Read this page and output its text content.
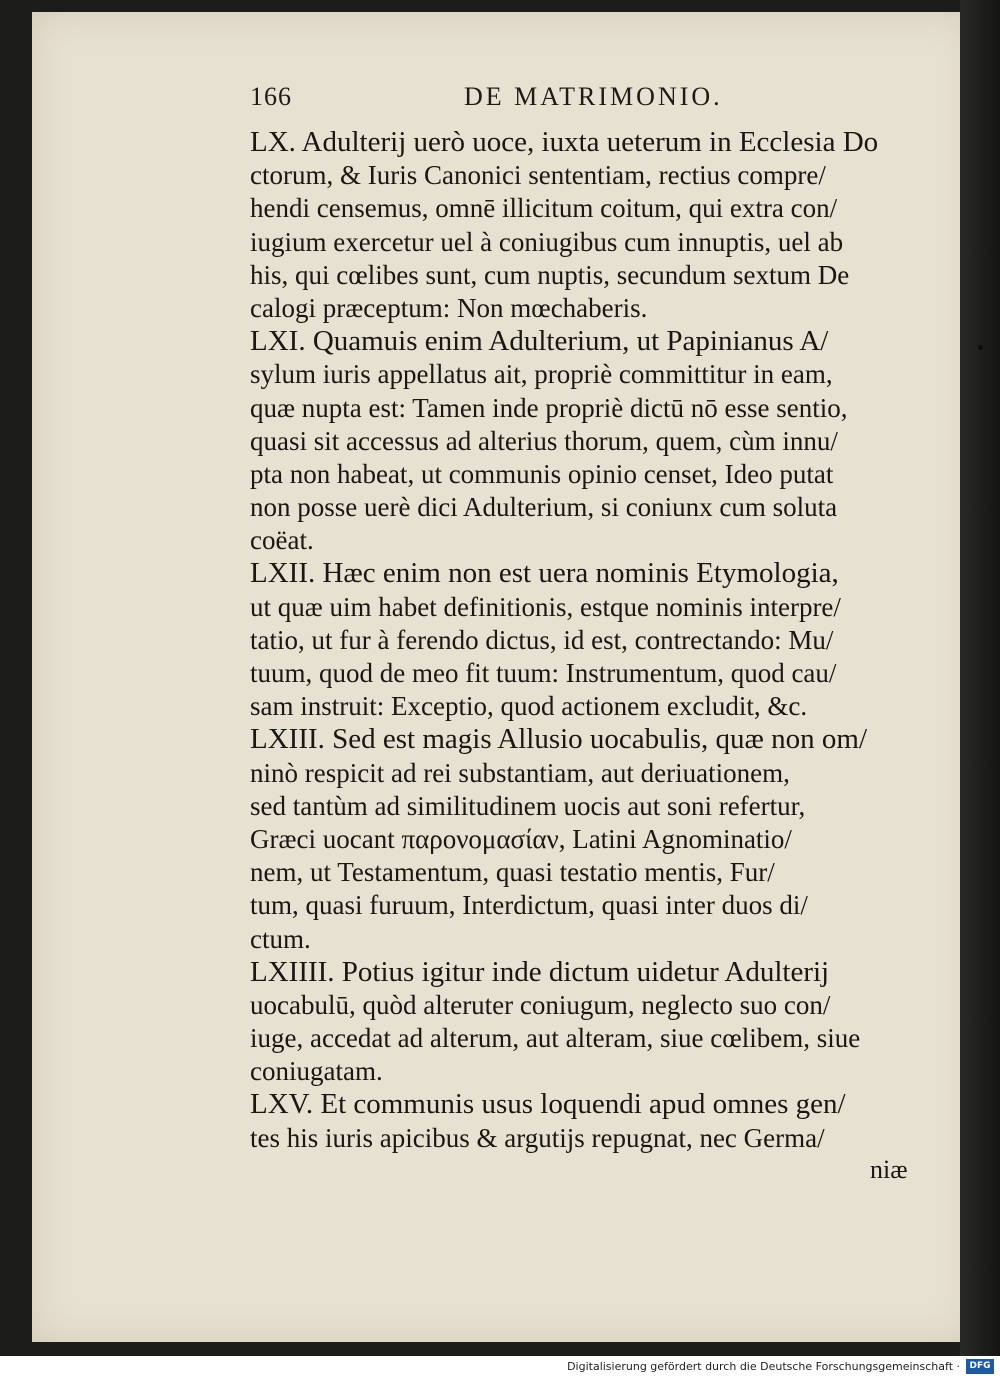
166	DE MATRIMONIO.
LX. Adulterij uerò uoce, iuxta ueterum in Ecclesia Do
ctorum, & Iuris Canonici sententiam, rectius compre/
hendi censemus, omnē illicitum coitum, qui extra con/
iugium exercetur uel à coniugibus cum innuptis, uel ab
his, qui cœlibes sunt, cum nuptis, secundum sextum De
calogi præceptum: Non mœchaberis.
LXI. Quamuis enim Adulterium, ut Papinianus A/
sylum iuris appellatus ait, propriè committitur in eam,
quæ nupta est: Tamen inde propriè dictū nō esse sentio,
quasi sit accessus ad alterius thorum, quem, cùm innu/
pta non habeat, ut communis opinio censet, Ideo putat
non posse uerè dici Adulterium, si coniunx cum soluta
coëat.
LXII. Hæc enim non est uera nominis Etymologia,
ut quæ uim habet definitionis, estque nominis interpre/
tatio, ut fur à ferendo dictus, id est, contrectando: Mu/
tuum, quod de meo fit tuum: Instrumentum, quod cau/
sam instruit: Exceptio, quod actionem excludit, &c.
LXIII. Sed est magis Allusio uocabulis, quæ non om/
ninò respicit ad rei substantiam, aut deriuationem,
sed tantùm ad similitudinem uocis aut soni refertur,
Græci uocant παρονομασίαν, Latini Agnominatio/
nem, ut Testamentum, quasi testatio mentis, Fur/
tum, quasi furuum, Interdictum, quasi inter duos di/
ctum.
LXIIII. Potius igitur inde dictum uidetur Adulterij
uocabulū, quòd alteruter coniugum, neglecto suo con/
iuge, accedat ad alterum, aut alteram, siue cœlibem, siue
coniugatam.
LXV. Et communis usus loquendi apud omnes gen/
tes his iuris apicibus & argutijs repugnat, nec Germa/
niæ
Digitalisierung gefördert durch die Deutsche Forschungsgemeinschaft ·	DFG
